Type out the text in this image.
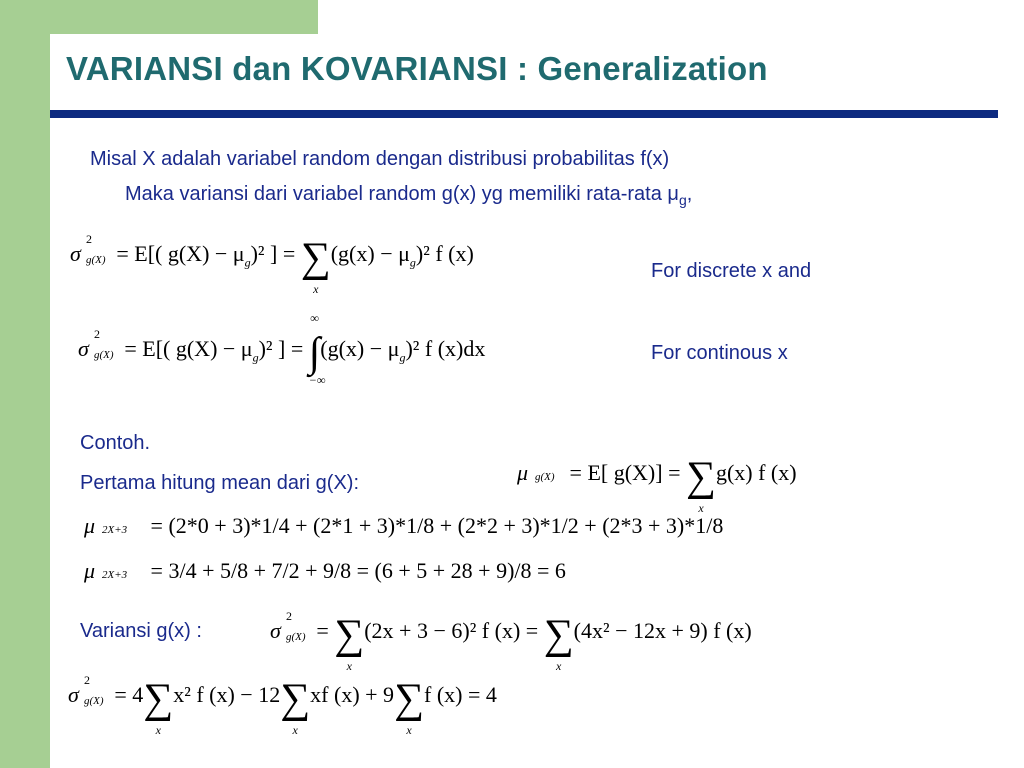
VARIANSI dan KOVARIANSI : Generalization
Misal X adalah variabel random dengan distribusi probabilitas f(x)
Maka variansi dari variabel random g(x) yg memiliki rata-rata $\mu_g$,
σ
2
g(X) = E[( $g(X) - \mu_g)^2$ ] = ∑
x
$(g(x) - \mu_g)^2$ f (x)
For discrete x and
σ
2
g(X) = E[( $g(X) - \mu_g)^2$ ] =
∞
∫
−∞
$(g(x) - \mu_g)^2$ f (x)dx	For continous x
Contoh.
Pertama hitung mean dari g(X):	μ g(X) = E[ g(X)] = ∑
x
g(x) f (x)
μ 2X+3 = (2*0 + 3)*1/4 + (2*1 + 3)*1/8 + (2*2 + 3)*1/2 + (2*3 + 3)*1/8
μ 2X+3 = 3/4 + 5/8 + 7/2 + 9/8 = (6 + 5 + 28 + 9)/8 = 6
Variansi g(x) :	σ
2
g(X) = ∑
x
(2x + 3 − 6)² f (x) = ∑
x
(4x² − 12x + 9) f (x)
σ
2
g(X) = 4∑
x
x² f (x) − 12∑
x
xf (x) + 9∑
x
f (x) = 4
